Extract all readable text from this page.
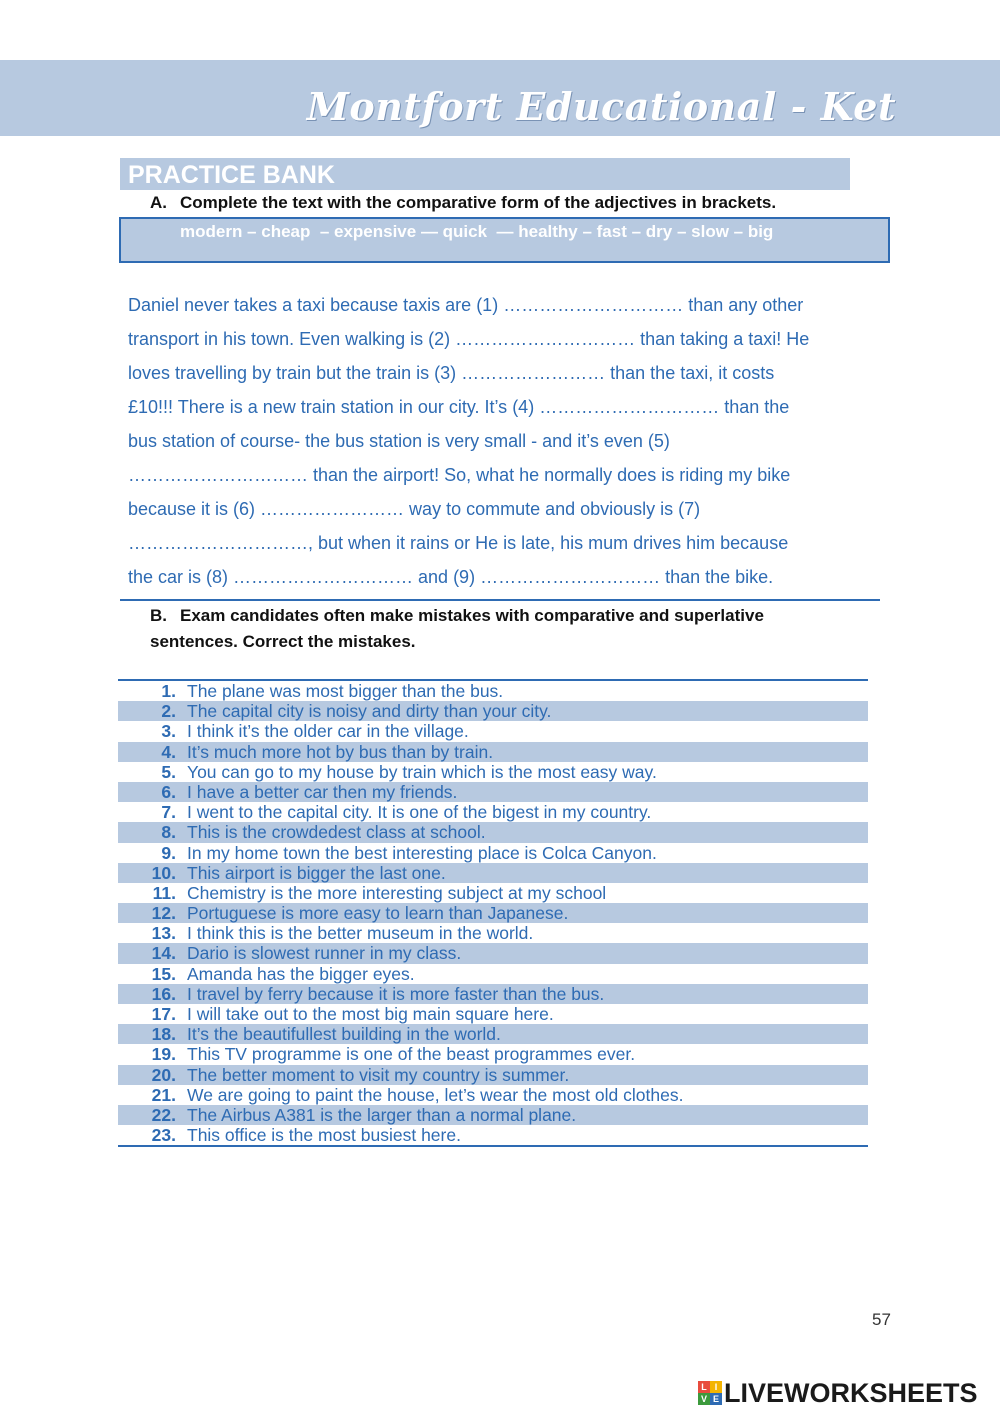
Montfort Educational - Ket
PRACTICE BANK
A. Complete the text with the comparative form of the adjectives in brackets.
modern – cheap  – expensive — quick  — healthy – fast – dry – slow – big
Daniel never takes a taxi because taxis are (1) ………………………… than any other
transport in his town. Even walking is (2) ………………………… than taking a taxi! He
loves travelling by train but the train is (3) …………………… than the taxi, it costs
£10!!! There is a new train station in our city. It’s (4) ………………………… than the
bus station of course- the bus station is very small - and it’s even (5)
………………………… than the airport! So, what he normally does is riding my bike
because it is (6) …………………… way to commute and obviously is (7)
…………………………, but when it rains or He is late, his mum drives him because
the car is (8) ………………………… and (9) ………………………… than the bike.
B. Exam candidates often make mistakes with comparative and superlative sentences. Correct the mistakes.
1. The plane was most bigger than the bus.
2. The capital city is noisy and dirty than your city.
3. I think it’s the older car in the village.
4. It’s much more hot by bus than by train.
5. You can go to my house by train which is the most easy way.
6. I have a better car then my friends.
7. I went to the capital city. It is one of the bigest in my country.
8. This is the crowdedest class at school.
9. In my home town the best interesting place is Colca Canyon.
10. This airport is bigger the last one.
11. Chemistry is the more interesting subject at my school
12. Portuguese is more easy to learn than Japanese.
13. I think this is the better museum in the world.
14. Dario is slowest runner in my class.
15. Amanda has the bigger eyes.
16. I travel by ferry because it is more faster than the bus.
17. I will take out to the most big main square here.
18. It’s the beautifullest building in the world.
19. This TV programme is one of the beast programmes ever.
20. The better moment to visit my country is summer.
21. We are going to paint the house, let’s wear the most old clothes.
22. The Airbus A381 is the larger than a normal plane.
23. This office is the most busiest here.
57
L I
V E LIVEWORKSHEETS
